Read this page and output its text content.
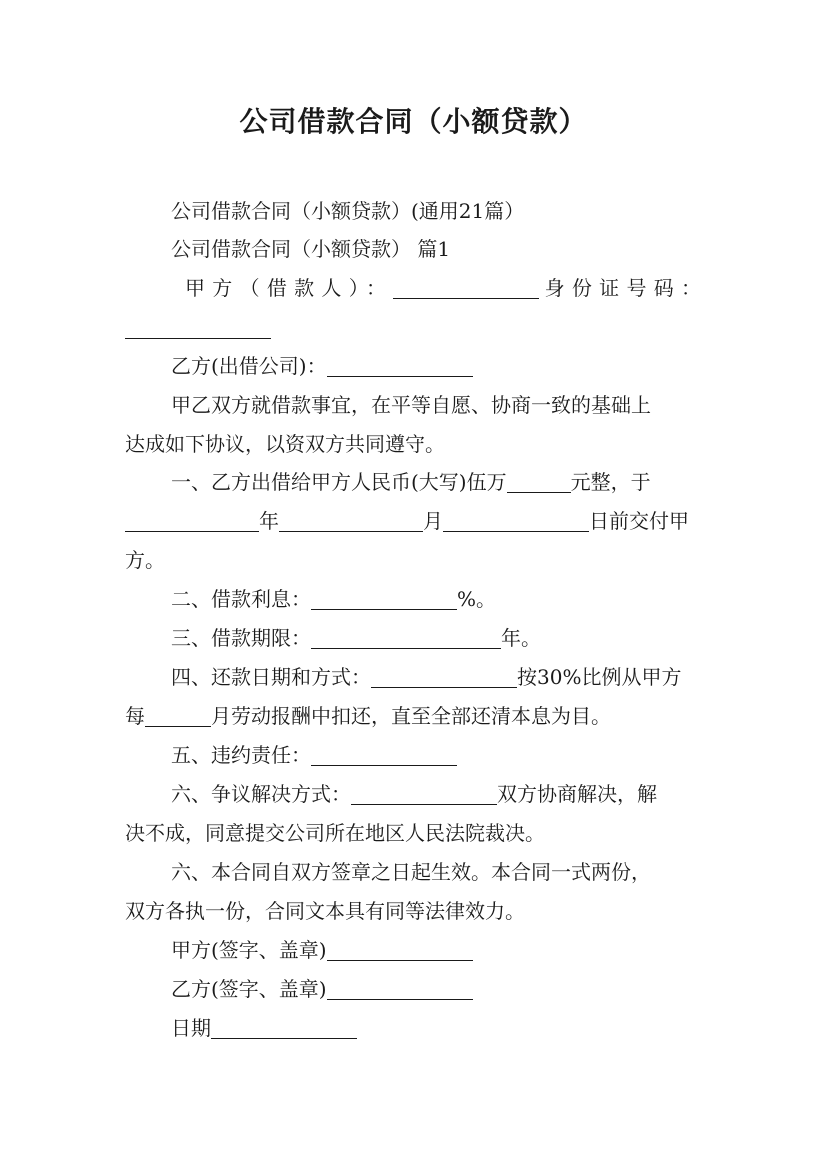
公司借款合同（小额贷款）
公司借款合同（小额贷款）(通用21篇）
公司借款合同（小额贷款） 篇1
甲方（借款人）：	身份证号码：
乙方(出借公司)：
甲乙双方就借款事宜，在平等自愿、协商一致的基础上
达成如下协议，以资双方共同遵守。
一、乙方出借给甲方人民币(大写)伍万	元整，于
年	月	日前交付甲
方。
二、借款利息：	%。
三、借款期限：	年。
四、还款日期和方式：	按30%比例从甲方
每	月劳动报酬中扣还，直至全部还清本息为目。
五、违约责任：
六、争议解决方式：	双方协商解决，解
决不成，同意提交公司所在地区人民法院裁决。
六、本合同自双方签章之日起生效。本合同一式两份，
双方各执一份，合同文本具有同等法律效力。
甲方(签字、盖章)
乙方(签字、盖章)
日期
